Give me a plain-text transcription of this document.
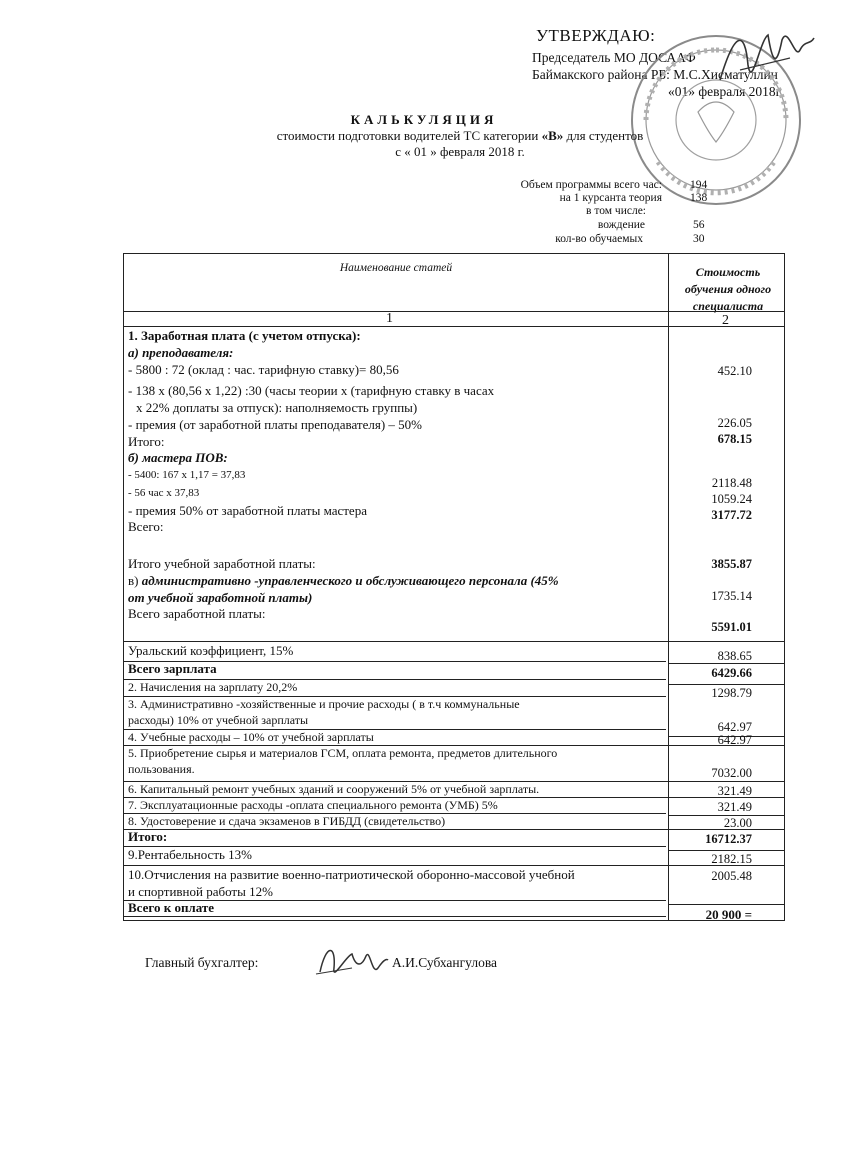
УТВЕРЖДАЮ:
Председатель МО ДОСААФ
Баймакского района РБ: М.С.Хисматуллин
«01» февраля 2018г.
КАЛЬКУЛЯЦИЯ
стоимости подготовки водителей ТС категории «В» для студентов
с « 01 » февраля 2018 г.
Объем программы всего час: 194
на 1 курсанта теория 138
в том числе:
вождение	56
кол-во обучаемых	30
Наименование статей	Стоимость
обучения одного
специалиста
1	2
1. Заработная плата (с учетом отпуска):
а) преподавателя:
- 5800 : 72 (оклад : час. тарифную ставку)= 80,56	452.10
- 138 х (80,56 х 1,22) :30 (часы теории х (тарифную ставку в часах
х 22% доплаты за отпуск): наполняемость группы)
- премия (от заработной платы преподавателя) – 50%	226.05
Итого:	678.15
б) мастера ПОВ:
- 5400: 167 х 1,17 = 37,83
2118.48
- 56 час х 37,83	1059.24
- премия 50% от заработной платы мастера	3177.72
Всего:
Итого учебной заработной платы:	3855.87
в) административно -управленческого и обслуживающего персонала (45%
от учебной заработной платы)	1735.14
Всего заработной платы:
5591.01
Уральский коэффициент, 15%	838.65
Всего зарплата	6429.66
2. Начисления на зарплату 20,2%	1298.79
3. Административно -хозяйственные и прочие расходы ( в т.ч коммунальные
расходы) 10% от учебной зарплаты	642.97
4. Учебные расходы – 10% от учебной зарплаты	642.97
5. Приобретение сырья и материалов ГСМ, оплата ремонта, предметов длительного
пользования.	7032.00
6. Капитальный ремонт учебных зданий и сооружений 5% от учебной зарплаты.	321.49
7. Эксплуатационные расходы -оплата специального ремонта (УМБ) 5%	321.49
8. Удостоверение и сдача экзаменов в ГИБДД (свидетельство)	23.00
Итого:	16712.37
9.Рентабельность 13%	2182.15
10.Отчисления на развитие военно-патриотической оборонно-массовой учебной
и спортивной работы 12%
2005.48
Всего к оплате	20 900 =
Главный бухгалтер:	А.И.Субхангулова
